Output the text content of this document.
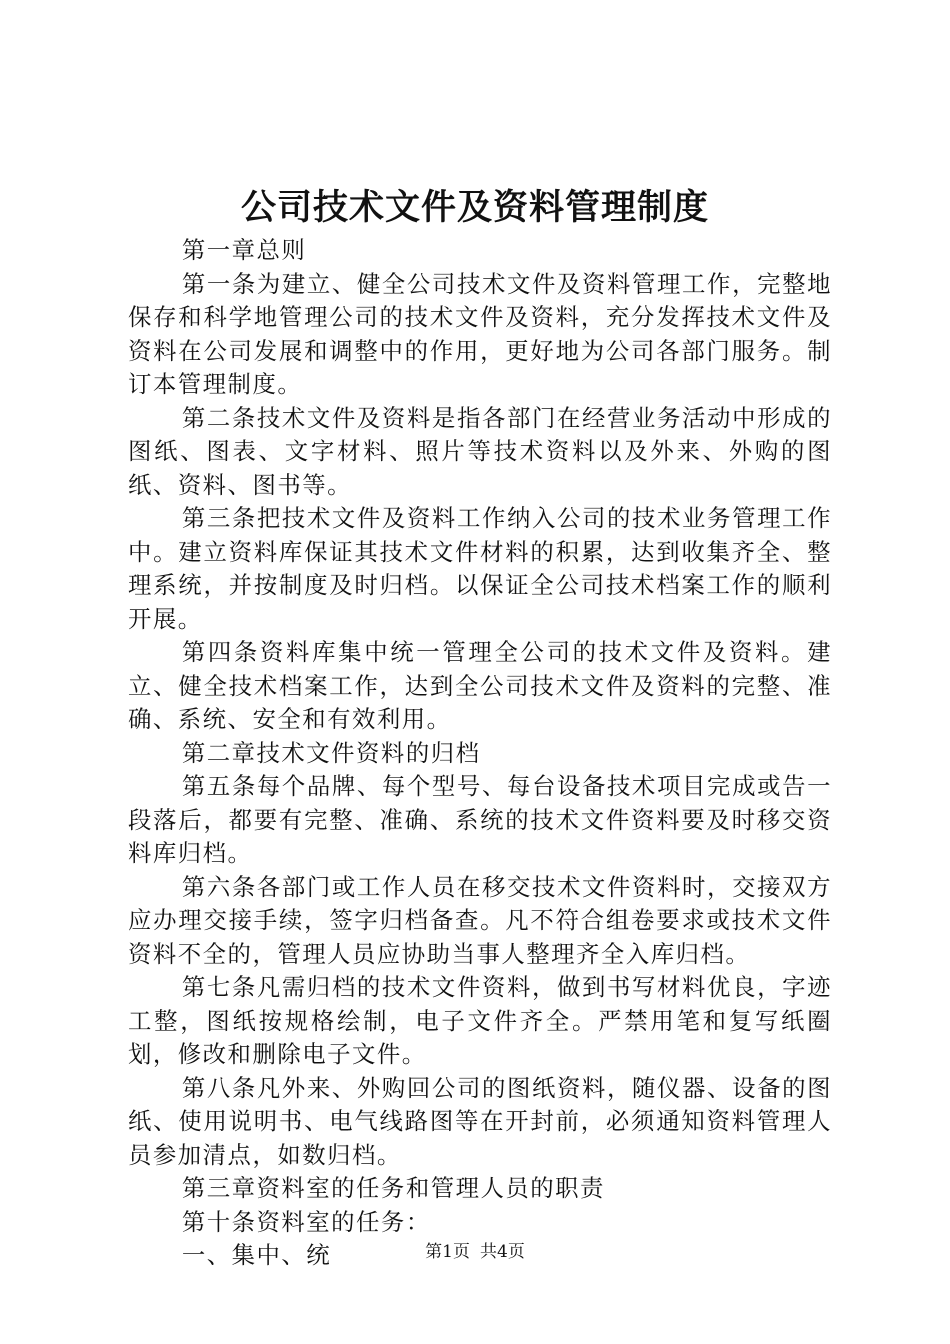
公司技术文件及资料管理制度

第一章总则

第一条为建立、健全公司技术文件及资料管理工作，完整地保存和科学地管理公司的技术文件及资料，充分发挥技术文件及资料在公司发展和调整中的作用，更好地为公司各部门服务。制订本管理制度。

第二条技术文件及资料是指各部门在经营业务活动中形成的图纸、图表、文字材料、照片等技术资料以及外来、外购的图纸、资料、图书等。

第三条把技术文件及资料工作纳入公司的技术业务管理工作中。建立资料库保证其技术文件材料的积累，达到收集齐全、整理系统，并按制度及时归档。以保证全公司技术档案工作的顺利开展。

第四条资料库集中统一管理全公司的技术文件及资料。建立、健全技术档案工作，达到全公司技术文件及资料的完整、准确、系统、安全和有效利用。

第二章技术文件资料的归档

第五条每个品牌、每个型号、每台设备技术项目完成或告一段落后，都要有完整、准确、系统的技术文件资料要及时移交资料库归档。

第六条各部门或工作人员在移交技术文件资料时，交接双方应办理交接手续，签字归档备查。凡不符合组卷要求或技术文件资料不全的，管理人员应协助当事人整理齐全入库归档。

第七条凡需归档的技术文件资料，做到书写材料优良，字迹工整，图纸按规格绘制，电子文件齐全。严禁用笔和复写纸圈划，修改和删除电子文件。

第八条凡外来、外购回公司的图纸资料，随仪器、设备的图纸、使用说明书、电气线路图等在开封前，必须通知资料管理人员参加清点，如数归档。

第三章资料室的任务和管理人员的职责

第十条资料室的任务：

一、集中、统	第1页 共4页
